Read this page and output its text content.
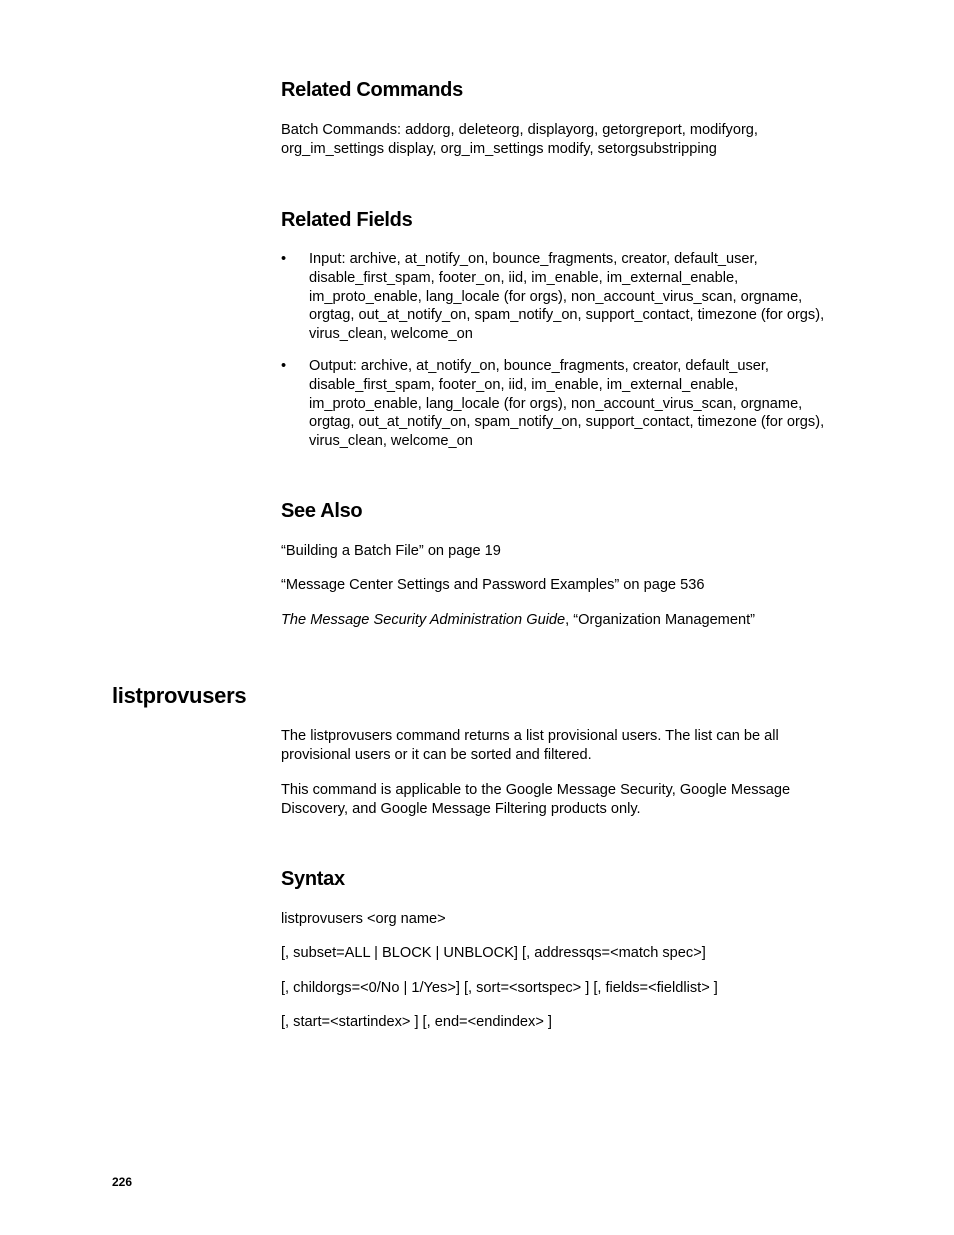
Related Commands

Batch Commands: addorg, deleteorg, displayorg, getorgreport, modifyorg, org_im_settings display, org_im_settings modify, setorgsubstripping

Related Fields
• Input: archive, at_notify_on, bounce_fragments, creator, default_user, disable_first_spam, footer_on, iid, im_enable, im_external_enable, im_proto_enable, lang_locale (for orgs), non_account_virus_scan, orgname, orgtag, out_at_notify_on, spam_notify_on, support_contact, timezone (for orgs), virus_clean, welcome_on
• Output: archive, at_notify_on, bounce_fragments, creator, default_user, disable_first_spam, footer_on, iid, im_enable, im_external_enable, im_proto_enable, lang_locale (for orgs), non_account_virus_scan, orgname, orgtag, out_at_notify_on, spam_notify_on, support_contact, timezone (for orgs), virus_clean, welcome_on
See Also

“Building a Batch File” on page 19

“Message Center Settings and Password Examples” on page 536

The Message Security Administration Guide, “Organization Management”

listprovusers

The listprovusers command returns a list provisional users. The list can be all provisional users or it can be sorted and filtered.

This command is applicable to the Google Message Security, Google Message Discovery, and Google Message Filtering products only.

Syntax

listprovusers <org name>

[, subset=ALL | BLOCK | UNBLOCK] [, addressqs=<match spec>]

[, childorgs=<0/No | 1/Yes>] [, sort=<sortspec> ] [, fields=<fieldlist> ]

[, start=<startindex> ] [, end=<endindex> ]

226
